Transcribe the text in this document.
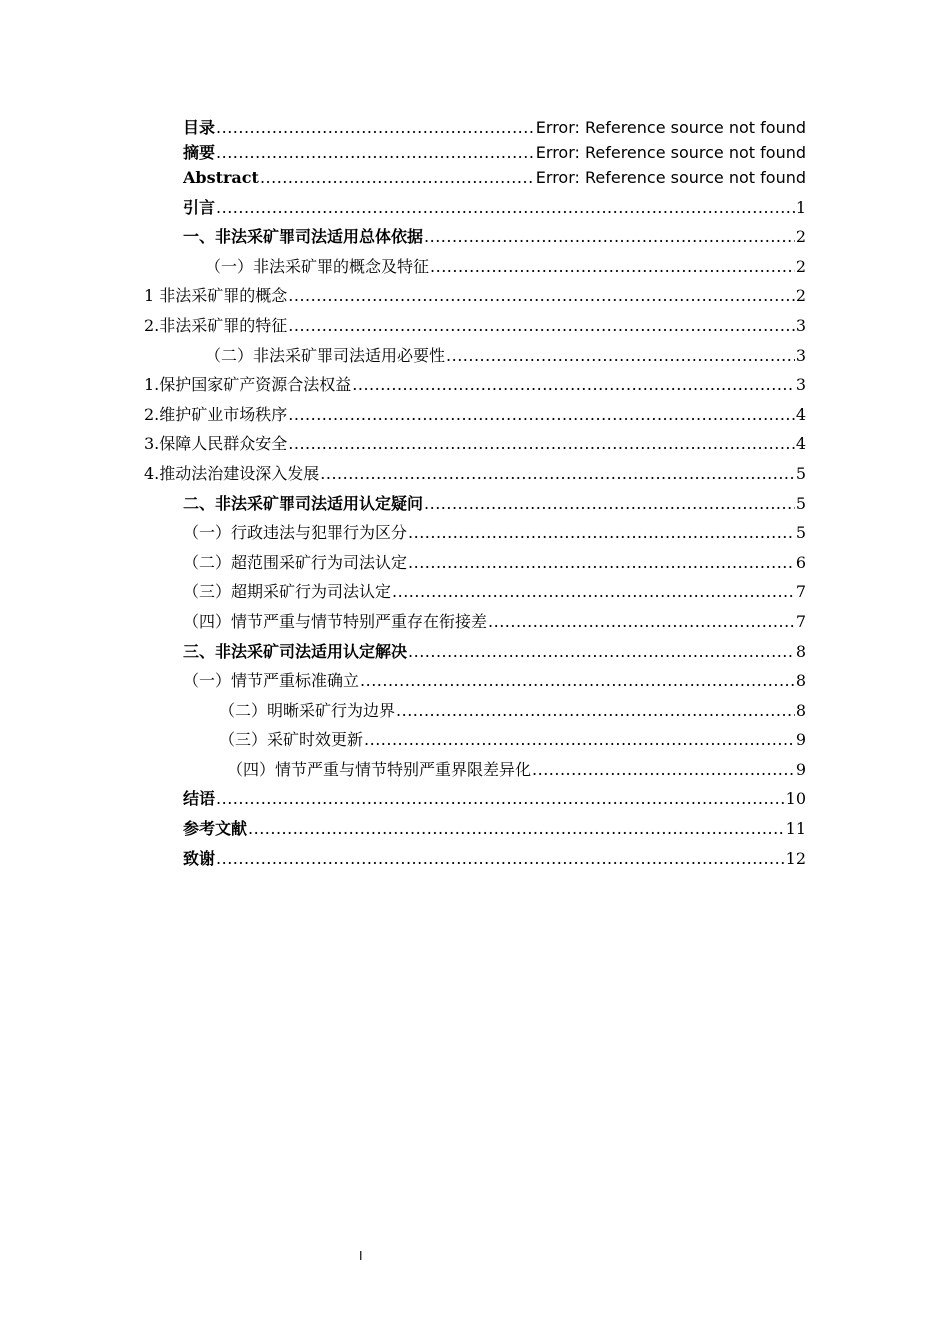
目录 .....	Error: Reference source not found
摘要 .....	Error: Reference source not found
Abstract .....	Error: Reference source not found
引言 .....	1
一、非法采矿罪司法适用总体依据 .....	2
（一）非法采矿罪的概念及特征 .....	2
1 非法采矿罪的概念 .....	2
2.非法采矿罪的特征 .....	3
（二）非法采矿罪司法适用必要性 .....	3
1.保护国家矿产资源合法权益 .....	3
2.维护矿业市场秩序 .....	4
3.保障人民群众安全 .....	4
4.推动法治建设深入发展 .....	5
二、非法采矿罪司法适用认定疑问 .....	5
（一）行政违法与犯罪行为区分 .....	5
（二）超范围采矿行为司法认定 .....	6
（三）超期采矿行为司法认定 .....	7
（四）情节严重与情节特别严重存在衔接差 .....	7
三、非法采矿司法适用认定解决 .....	8
（一）情节严重标准确立 .....	8
（二）明晰采矿行为边界 .....	8
（三）采矿时效更新 .....	9
（四）情节严重与情节特别严重界限差异化 .....	9
结语 .....	10
参考文献 .....	11
致谢 .....	12
I
